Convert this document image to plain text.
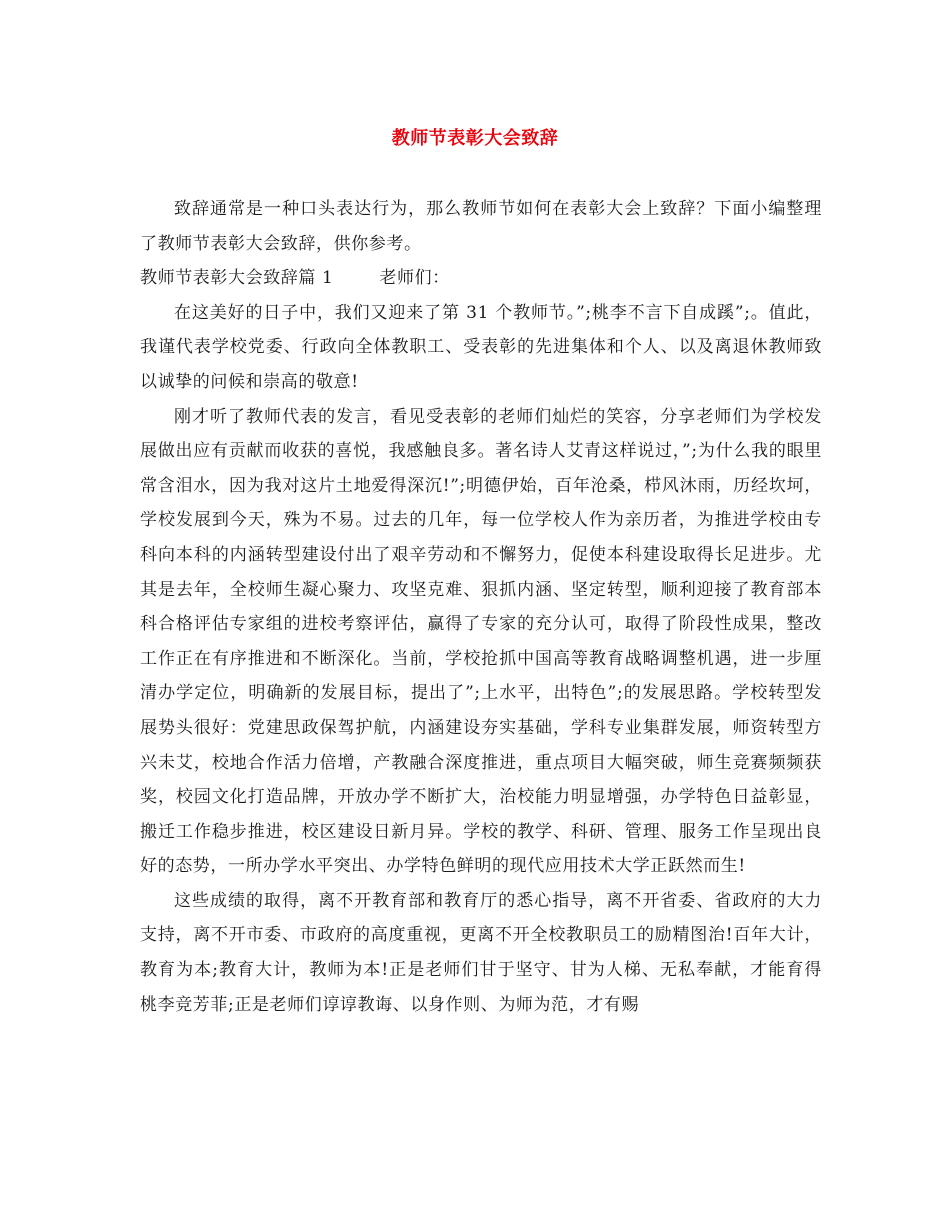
教师节表彰大会致辞

致辞通常是一种口头表达行为，那么教师节如何在表彰大会上致辞？下面小编整理了教师节表彰大会致辞，供你参考。

教师节表彰大会致辞篇 1	老师们：

在这美好的日子中，我们又迎来了第 31 个教师节。”;桃李不言下自成蹊”;。值此，我谨代表学校党委、行政向全体教职工、受表彰的先进集体和个人、以及离退休教师致以诚挚的问候和崇高的敬意!

刚才听了教师代表的发言，看见受表彰的老师们灿烂的笑容，分享老师们为学校发展做出应有贡献而收获的喜悦，我感触良多。著名诗人艾青这样说过，”;为什么我的眼里常含泪水，因为我对这片土地爱得深沉!”;明德伊始，百年沧桑，栉风沐雨，历经坎坷，学校发展到今天，殊为不易。过去的几年，每一位学校人作为亲历者，为推进学校由专科向本科的内涵转型建设付出了艰辛劳动和不懈努力，促使本科建设取得长足进步。尤其是去年，全校师生凝心聚力、攻坚克难、狠抓内涵、坚定转型，顺利迎接了教育部本科合格评估专家组的进校考察评估，赢得了专家的充分认可，取得了阶段性成果，整改工作正在有序推进和不断深化。当前，学校抢抓中国高等教育战略调整机遇，进一步厘清办学定位，明确新的发展目标，提出了”;上水平，出特色”;的发展思路。学校转型发展势头很好：党建思政保驾护航，内涵建设夯实基础，学科专业集群发展，师资转型方兴未艾，校地合作活力倍增，产教融合深度推进，重点项目大幅突破，师生竞赛频频获奖，校园文化打造品牌，开放办学不断扩大，治校能力明显增强，办学特色日益彰显，搬迁工作稳步推进，校区建设日新月异。学校的教学、科研、管理、服务工作呈现出良好的态势，一所办学水平突出、办学特色鲜明的现代应用技术大学正跃然而生!

这些成绩的取得，离不开教育部和教育厅的悉心指导，离不开省委、省政府的大力支持，离不开市委、市政府的高度重视，更离不开全校教职员工的励精图治!百年大计，教育为本;教育大计，教师为本!正是老师们甘于坚守、甘为人梯、无私奉献，才能育得桃李竞芳菲;正是老师们谆谆教诲、以身作则、为师为范，才有赐
